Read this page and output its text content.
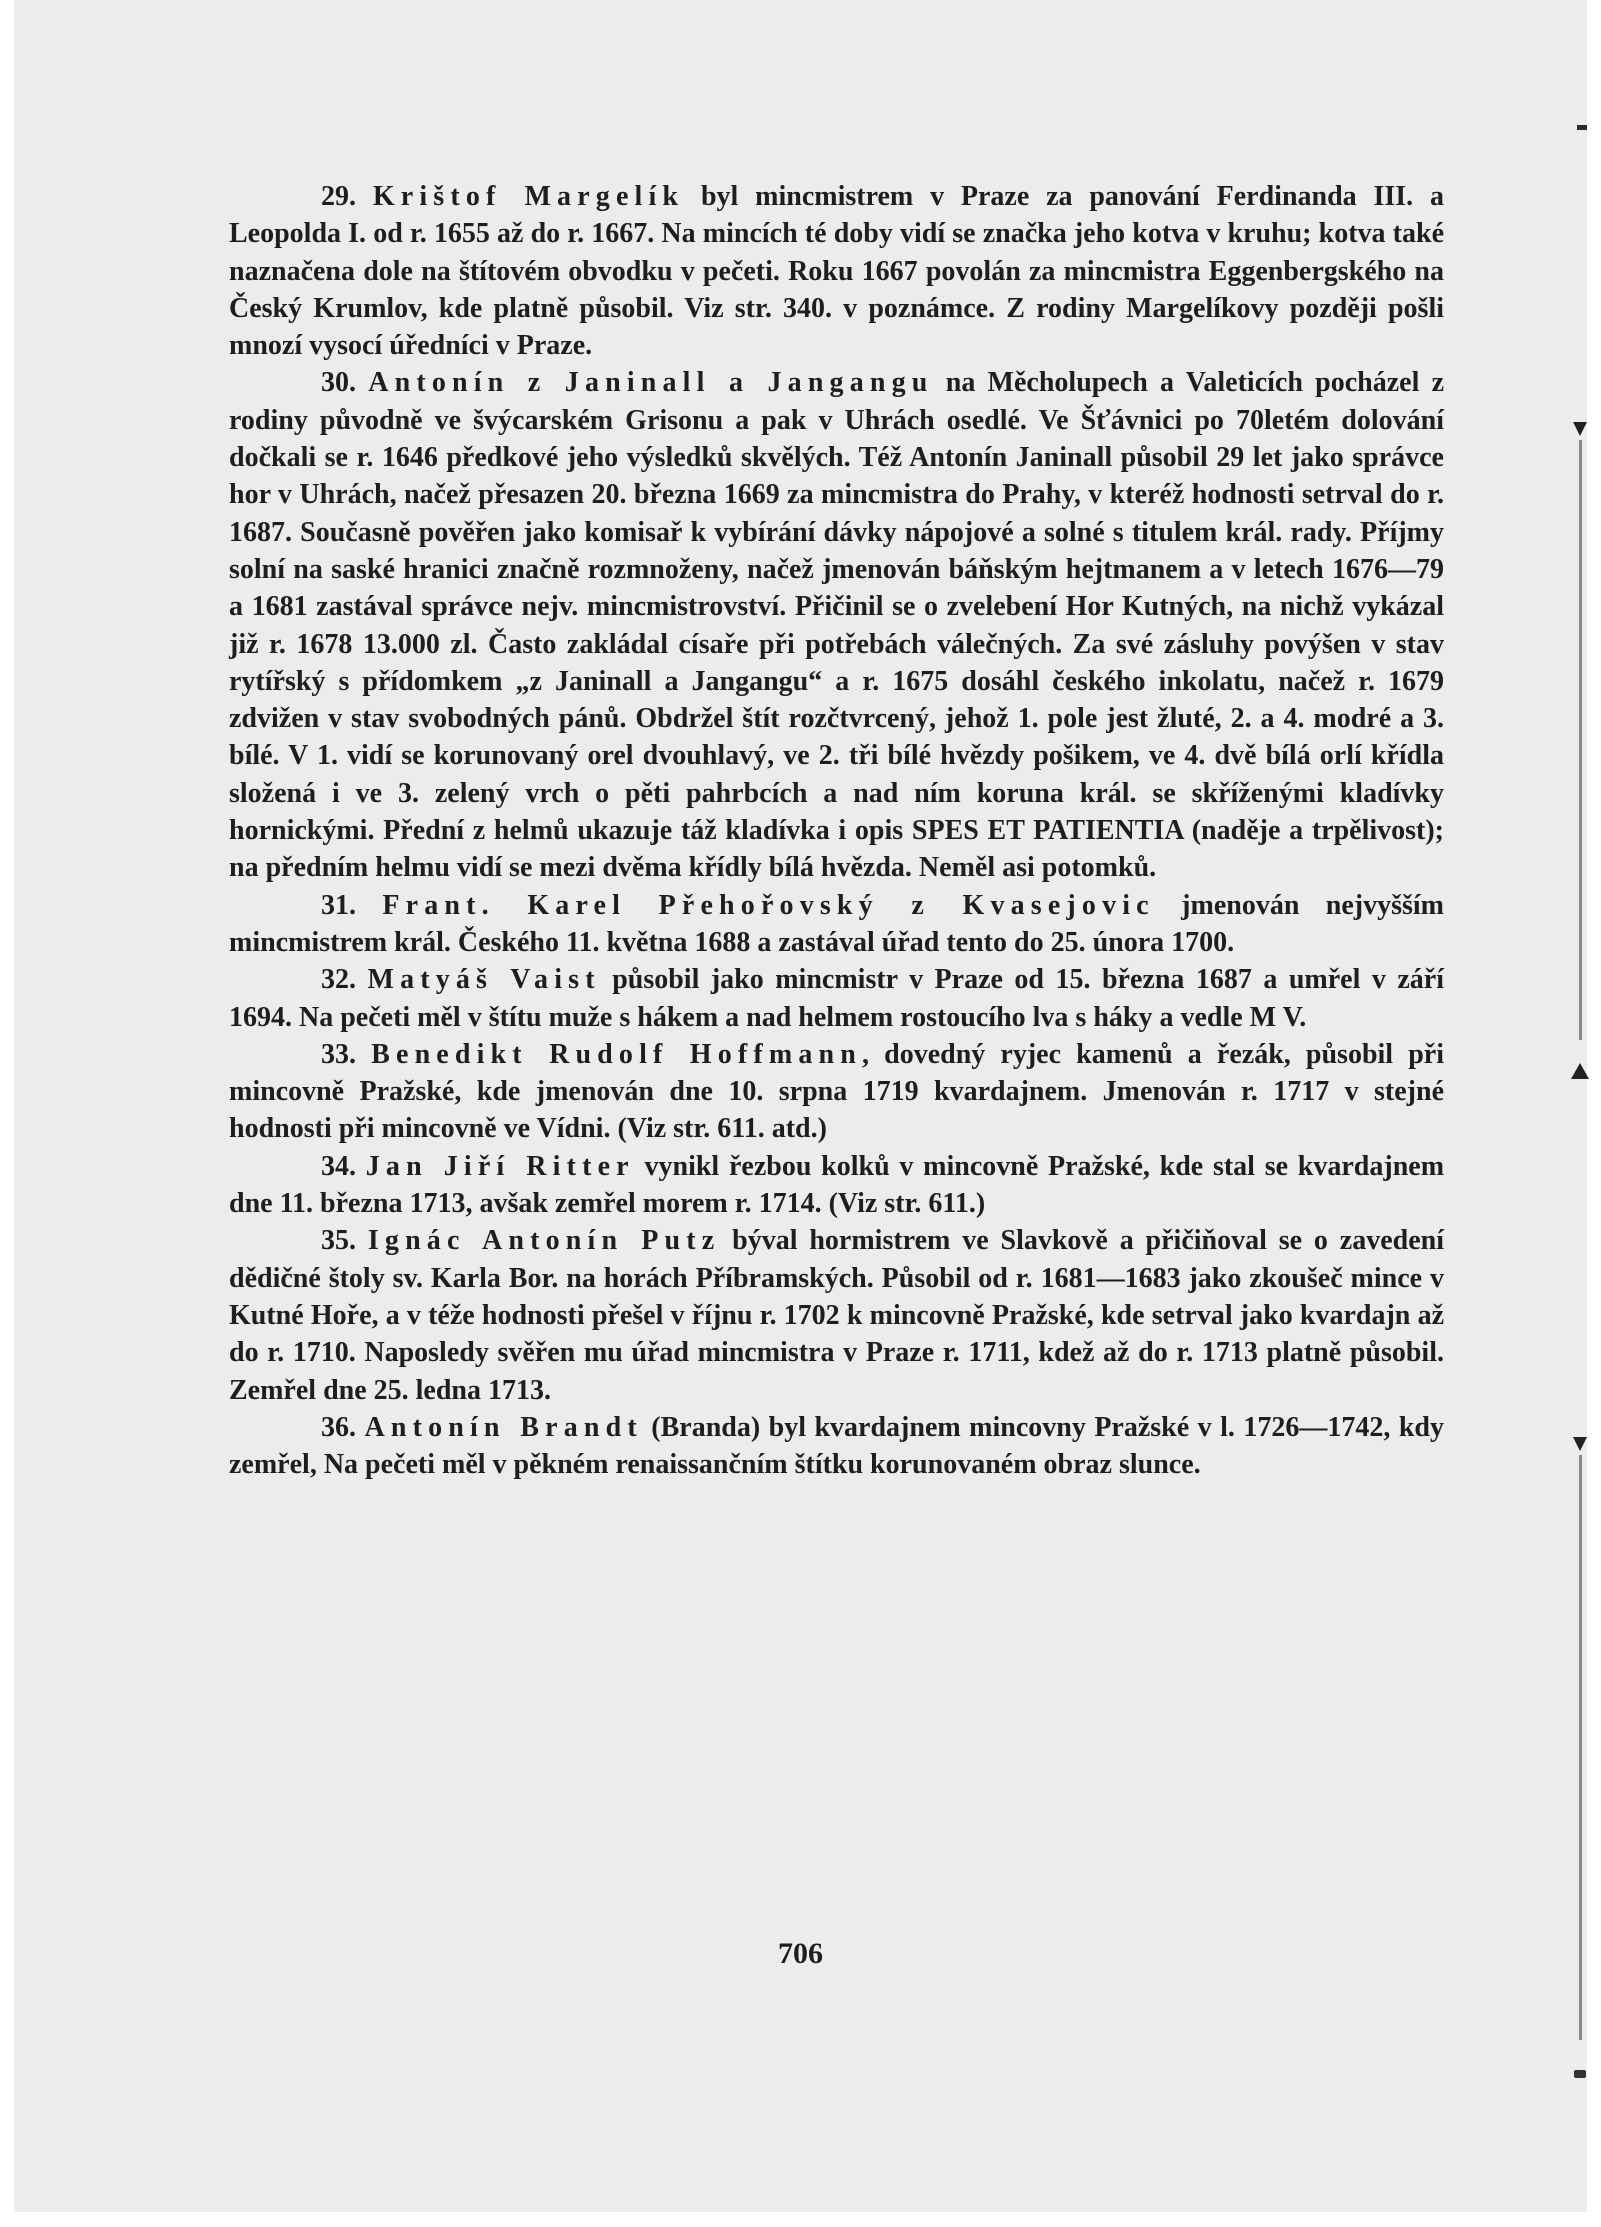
29. Krištof Margelík byl mincmistrem v Praze za panování Ferdinanda III. a Leopolda I. od r. 1655 až do r. 1667. Na mincích té doby vidí se značka jeho kotva v kruhu; kotva také naznačena dole na štítovém obvodku v pečeti. Roku 1667 povolán za mincmistra Eggenbergského na Český Krumlov, kde platně působil. Viz str. 340. v poznámce. Z rodiny Margelíkovy později pošli mnozí vysocí úředníci v Praze.

30. Antonín z Janinall a Jangangu na Měcholupech a Valeticích pocházel z rodiny původně ve švýcarském Grisonu a pak v Uhrách osedlé. Ve Šťávnici po 70letém dolování dočkali se r. 1646 předkové jeho výsledků skvělých. Též Antonín Janinall působil 29 let jako správce hor v Uhrách, načež přesazen 20. března 1669 za mincmistra do Prahy, v kteréž hodnosti setrval do r. 1687. Současně pověřen jako komisař k vybírání dávky nápojové a solné s titulem král. rady. Příjmy solní na saské hranici značně rozmnoženy, načež jmenován báňským hejtmanem a v letech 1676—79 a 1681 zastával správce nejv. mincmistrovství. Přičinil se o zvelebení Hor Kutných, na nichž vykázal již r. 1678 13.000 zl. Často zakládal císaře při potřebách válečných. Za své zásluhy povýšen v stav rytířský s přídomkem „z Janinall a Jangangu“ a r. 1675 dosáhl českého inkolatu, načež r. 1679 zdvižen v stav svobodných pánů. Obdržel štít rozčtvrcený, jehož 1. pole jest žluté, 2. a 4. modré a 3. bílé. V 1. vidí se korunovaný orel dvouhlavý, ve 2. tři bílé hvězdy pošikem, ve 4. dvě bílá orlí křídla složená i ve 3. zelený vrch o pěti pahrbcích a nad ním koruna král. se skříženými kladívky hornickými. Přední z helmů ukazuje táž kladívka i opis SPES ET PATIENTIA (naděje a trpělivost); na předním helmu vidí se mezi dvěma křídly bílá hvězda. Neměl asi potomků.

31. Frant. Karel Přehořovský z Kvasejovic jmenován nejvyšším mincmistrem král. Českého 11. května 1688 a zastával úřad tento do 25. února 1700.

32. Matyáš Vaist působil jako mincmistr v Praze od 15. března 1687 a umřel v září 1694. Na pečeti měl v štítu muže s hákem a nad helmem rostoucího lva s háky a vedle M V.

33. Benedikt Rudolf Hoffmann, dovedný ryjec kamenů a řezák, působil při mincovně Pražské, kde jmenován dne 10. srpna 1719 kvardajnem. Jmenován r. 1717 v stejné hodnosti při mincovně ve Vídni. (Viz str. 611. atd.)

34. Jan Jiří Ritter vynikl řezbou kolků v mincovně Pražské, kde stal se kvardajnem dne 11. března 1713, avšak zemřel morem r. 1714. (Viz str. 611.)

35. Ignác Antonín Putz býval hormistrem ve Slavkově a přičiňoval se o zavedení dědičné štoly sv. Karla Bor. na horách Příbramských. Působil od r. 1681—1683 jako zkoušeč mince v Kutné Hoře, a v téže hodnosti přešel v říjnu r. 1702 k mincovně Pražské, kde setrval jako kvardajn až do r. 1710. Naposledy svěřen mu úřad mincmistra v Praze r. 1711, kdež až do r. 1713 platně působil. Zemřel dne 25. ledna 1713.

36. Antonín Brandt (Branda) byl kvardajnem mincovny Pražské v l. 1726—1742, kdy zemřel, Na pečeti měl v pěkném renaissančním štítku korunovaném obraz slunce.

706
